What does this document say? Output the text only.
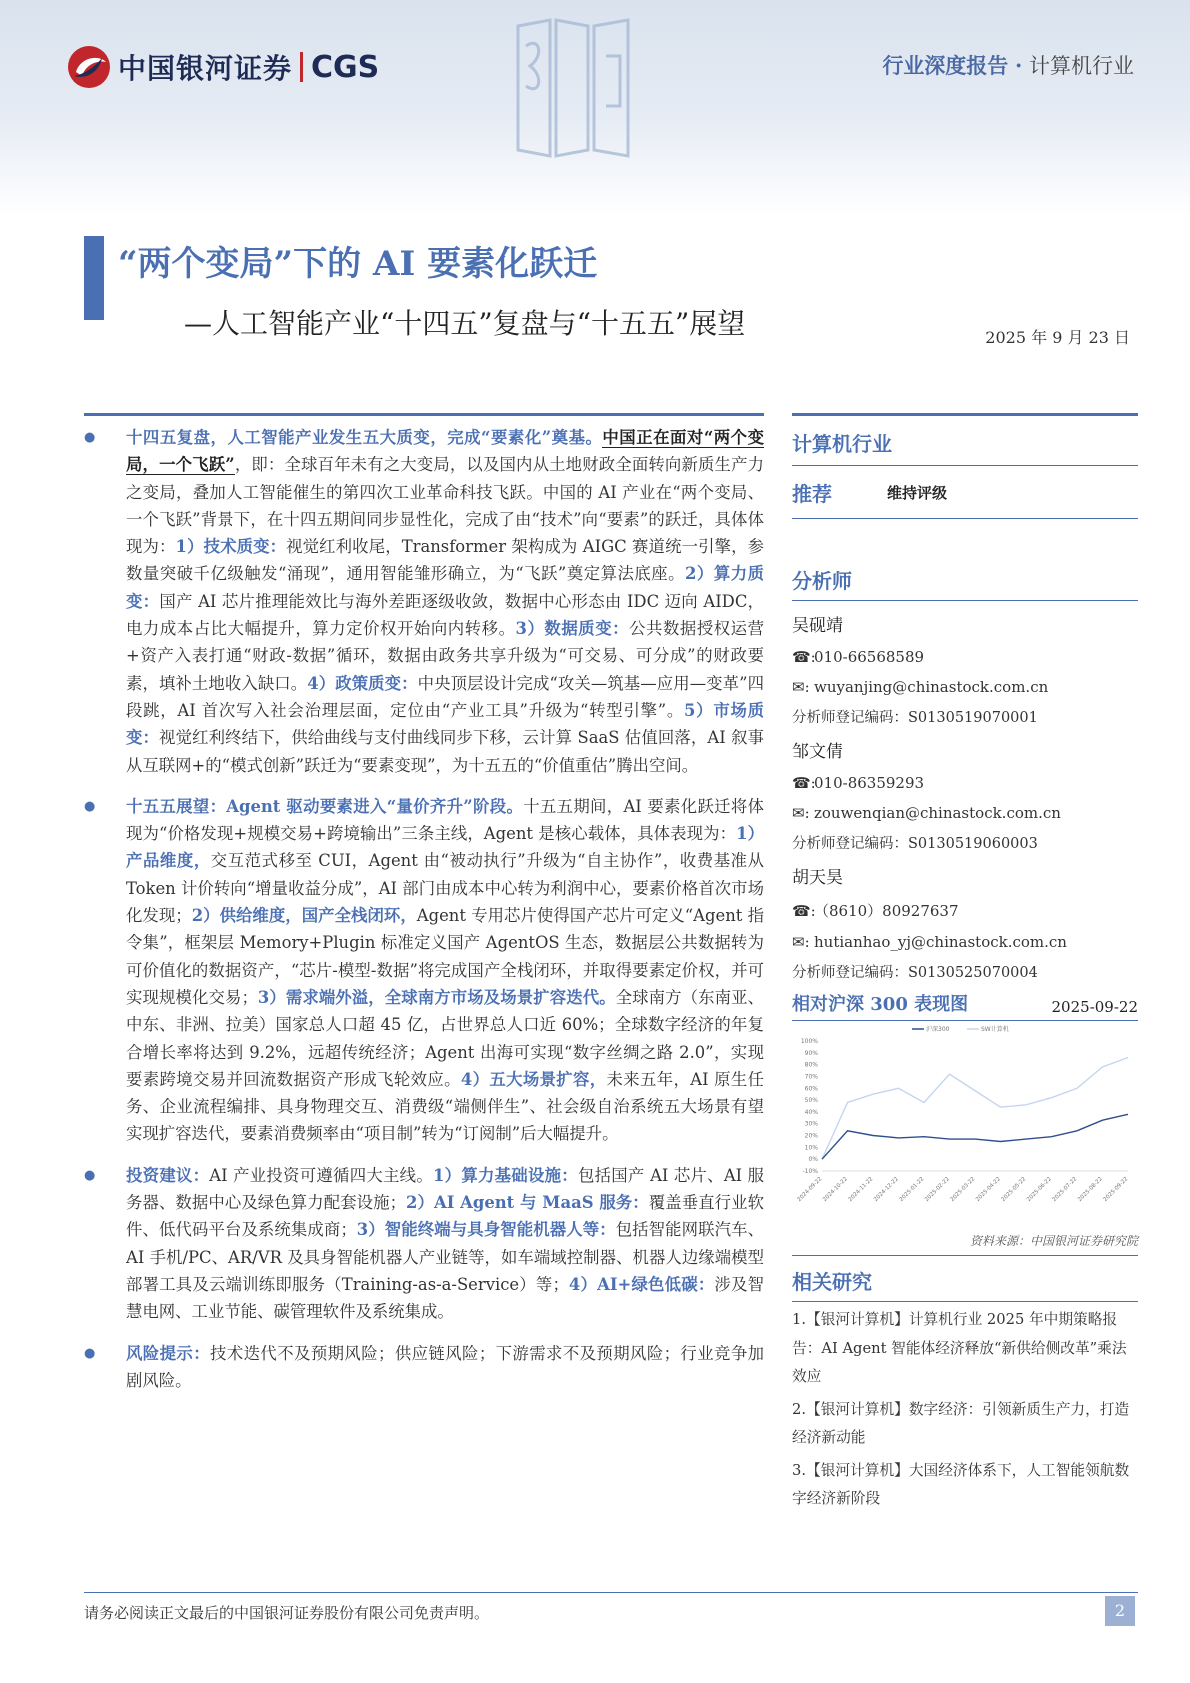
中国银河证券 CGS	行业深度报告 · 计算机行业
“两个变局”下的 AI 要素化跃迁
—人工智能产业“十四五”复盘与“十五五”展望	2025 年 9 月 23 日
● 十四五复盘，人工智能产业发生五大质变，完成“要素化”奠基。中国正在面对“两个变局，一个飞跃”，即：全球百年未有之大变局，以及国内从土地财政全面转向新质生产力之变局，叠加人工智能催生的第四次工业革命科技飞跃。中国的 AI 产业在“两个变局、一个飞跃”背景下，在十四五期间同步显性化，完成了由“技术”向“要素”的跃迁，具体体现为：1）技术质变：视觉红利收尾，Transformer 架构成为 AIGC 赛道统一引擎，参数量突破千亿级触发“涌现”，通用智能雏形确立，为“飞跃”奠定算法底座。2）算力质变：国产 AI 芯片推理能效比与海外差距逐级收敛，数据中心形态由 IDC 迈向 AIDC，电力成本占比大幅提升，算力定价权开始向内转移。3）数据质变：公共数据授权运营+资产入表打通“财政-数据”循环，数据由政务共享升级为“可交易、可分成”的财政要素，填补土地收入缺口。4）政策质变：中央顶层设计完成“攻关—筑基—应用—变革”四段跳，AI 首次写入社会治理层面，定位由“产业工具”升级为“转型引擎”。5）市场质变：视觉红利终结下，供给曲线与支付曲线同步下移，云计算 SaaS 估值回落，AI 叙事从互联网+的“模式创新”跃迁为“要素变现”，为十五五的“价值重估”腾出空间。
● 十五五展望：Agent 驱动要素进入“量价齐升”阶段。十五五期间，AI 要素化跃迁将体现为“价格发现+规模交易+跨境输出”三条主线，Agent 是核心载体，具体表现为：1）产品维度，交互范式移至 CUI，Agent 由“被动执行”升级为“自主协作”，收费基准从 Token 计价转向“增量收益分成”，AI 部门由成本中心转为利润中心，要素价格首次市场化发现；2）供给维度，国产全栈闭环，Agent 专用芯片使得国产芯片可定义“Agent 指令集”，框架层 Memory+Plugin 标准定义国产 AgentOS 生态，数据层公共数据转为可价值化的数据资产，“芯片-模型-数据”将完成国产全栈闭环，并取得要素定价权，并可实现规模化交易；3）需求端外溢，全球南方市场及场景扩容迭代。全球南方（东南亚、中东、非洲、拉美）国家总人口超 45 亿，占世界总人口近 60%；全球数字经济的年复合增长率将达到 9.2%，远超传统经济；Agent 出海可实现“数字丝绸之路 2.0”，实现要素跨境交易并回流数据资产形成飞轮效应。4）五大场景扩容，未来五年，AI 原生任务、企业流程编排、具身物理交互、消费级“端侧伴生”、社会级自治系统五大场景有望实现扩容迭代，要素消费频率由“项目制”转为“订阅制”后大幅提升。
● 投资建议：AI 产业投资可遵循四大主线。1）算力基础设施：包括国产 AI 芯片、AI 服务器、数据中心及绿色算力配套设施；2）AI Agent 与 MaaS 服务：覆盖垂直行业软件、低代码平台及系统集成商；3）智能终端与具身智能机器人等：包括智能网联汽车、AI 手机/PC、AR/VR 及具身智能机器人产业链等，如车端域控制器、机器人边缘端模型部署工具及云端训练即服务（Training-as-a-Service）等；4）AI+绿色低碳：涉及智慧电网、工业节能、碳管理软件及系统集成。
● 风险提示：技术迭代不及预期风险；供应链风险；下游需求不及预期风险；行业竞争加剧风险。
计算机行业
推荐	维持评级
分析师
吴砚靖
☎:
010-66568589
✉: wuyanjing@chinastock.com.cn
分析师登记编码：S0130519070001
邹文倩
☎:
010-86359293
✉: zouwenqian@chinastock.com.cn
分析师登记编码：S0130519060003
胡天昊
☎:
（8610）80927637
✉: hutianhao_yj@chinastock.com.cn
分析师登记编码：S0130525070004
相对沪深 300 表现图	2025-09-22
100%
90%
80%
70%
60%
50%
40%
30%
20%
10%
0%
-10%
2024-09-22
2024-10-22
2024-11-22
2024-12-22
2025-01-22
2025-02-22
2025-03-22
2025-04-22
2025-05-22
2025-06-22
2025-07-22
2025-08-22
2025-09-22
沪深300	SW计算机
资料来源：中国银河证券研究院
相关研究
1.【银河计算机】计算机行业 2025 年中期策略报告：AI Agent 智能体经济释放“新供给侧改革”乘法效应
2.【银河计算机】数字经济：引领新质生产力，打造经济新动能
3.【银河计算机】大国经济体系下，人工智能领航数字经济新阶段
请务必阅读正文最后的中国银河证券股份有限公司免责声明。	2
